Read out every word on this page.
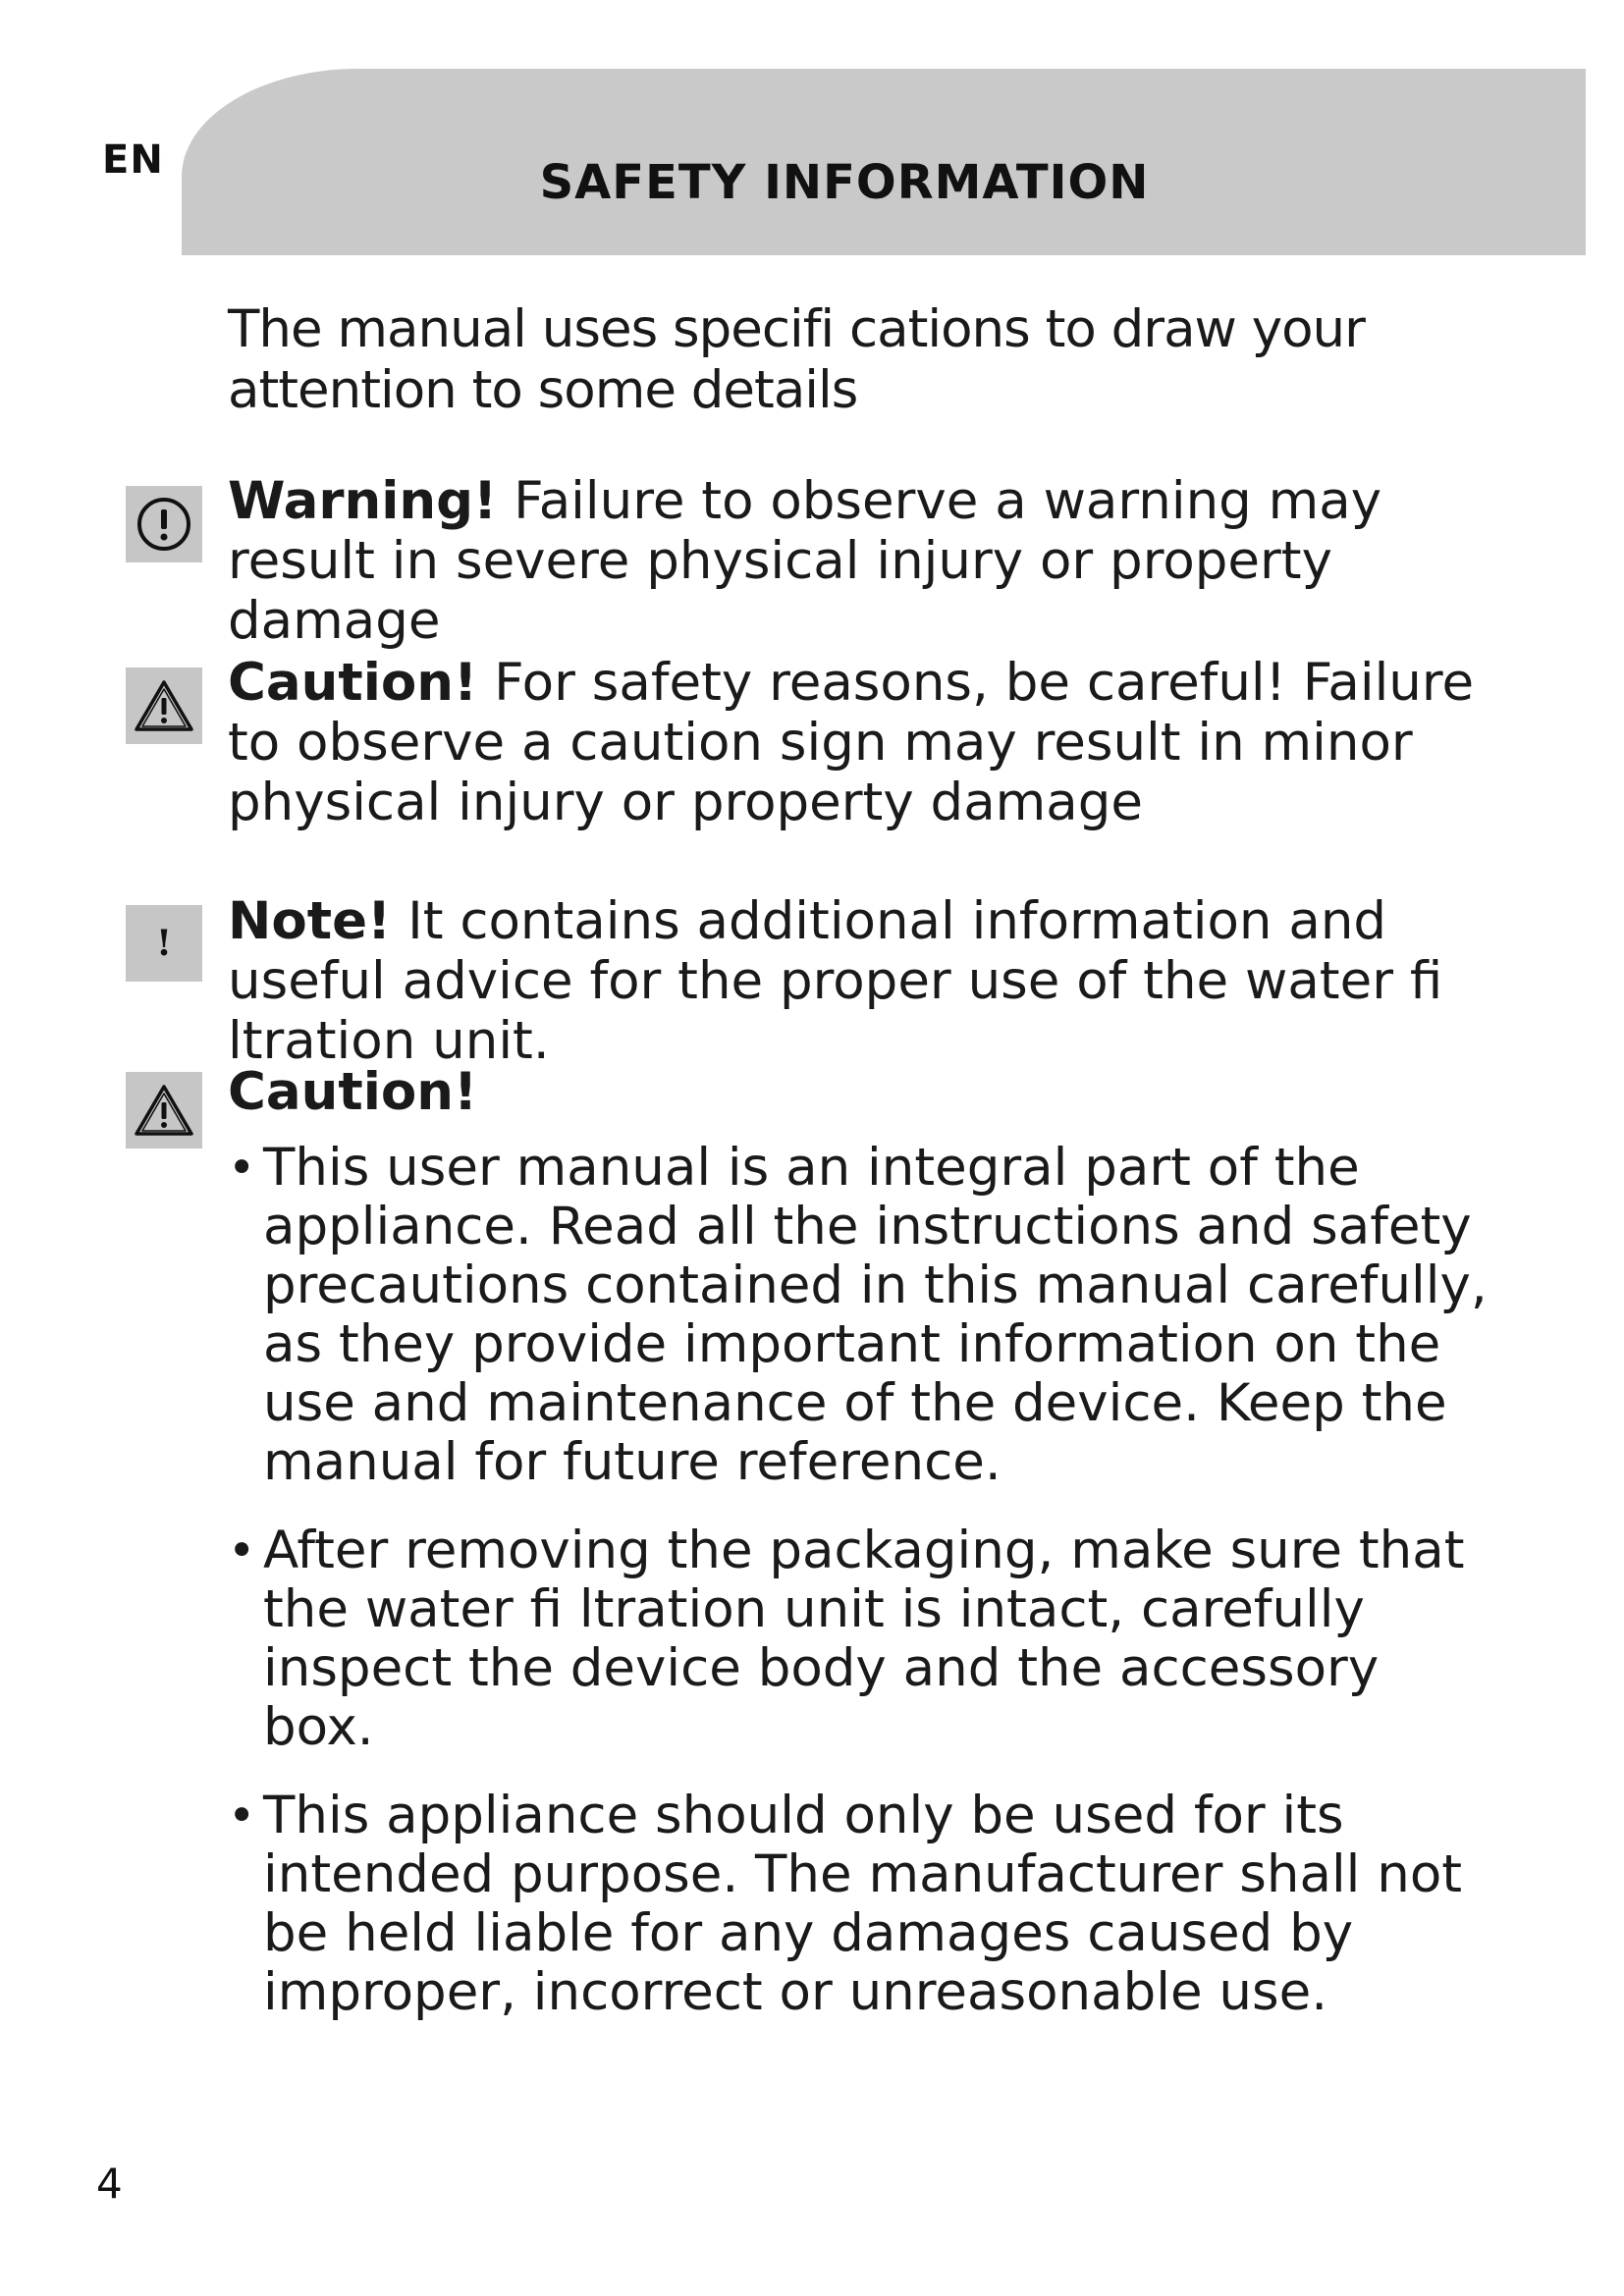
EN	SAFETY INFORMATION
The manual uses specifi cations to draw your attention to some details
Warning! Failure to observe a warning may result in severe physical injury or property damage
Caution! For safety reasons, be careful! Failure to observe a caution sign may result in minor physical injury or property damage
! Note! It contains additional information and useful advice for the proper use of the water fi ltration unit.
Caution!
• This user manual is an integral part of the appliance. Read all the instructions and safety precautions contained in this manual carefully, as they provide important information on the use and maintenance of the device. Keep the manual for future reference.
• After removing the packaging, make sure that the water fi ltration unit is intact, carefully inspect the device body and the accessory box.
• This appliance should only be used for its intended purpose. The manufacturer shall not be held liable for any damages caused by improper, incorrect or unreasonable use.
4
